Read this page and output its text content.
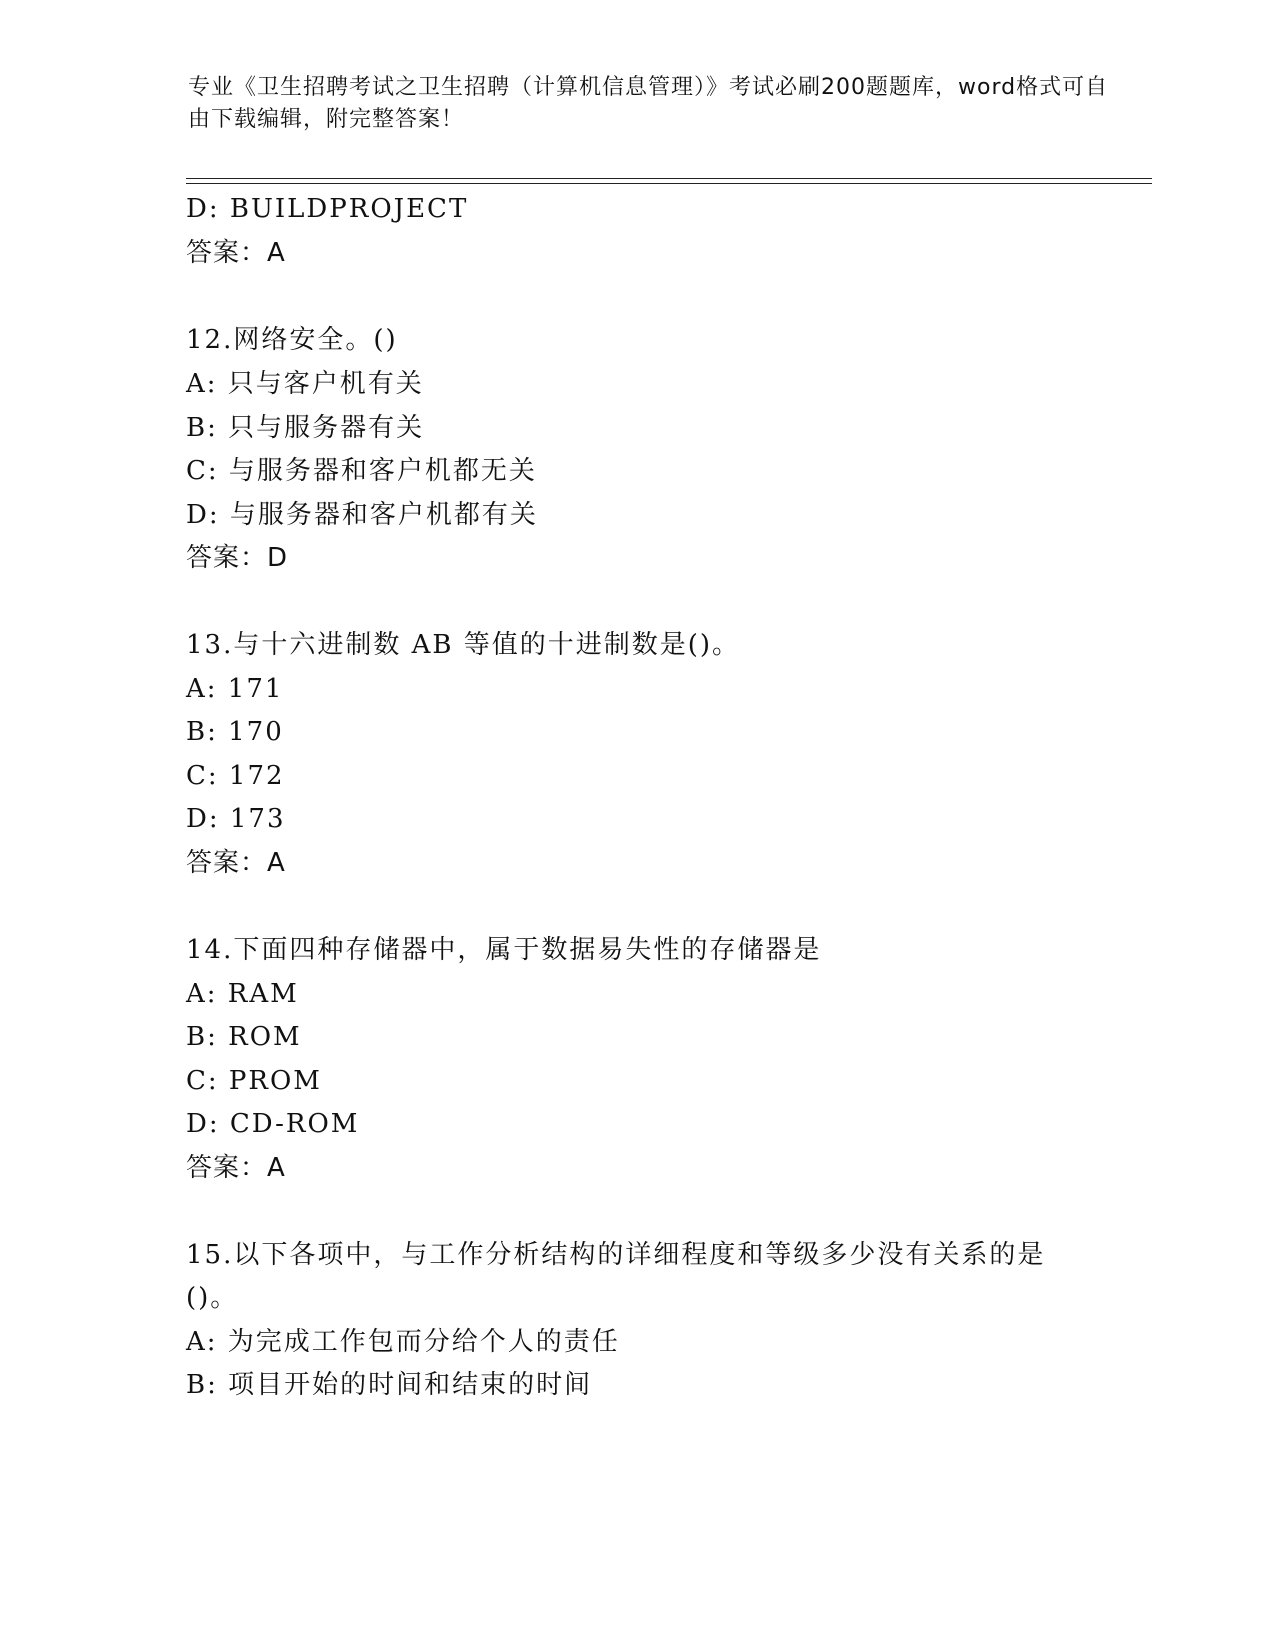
专业《卫生招聘考试之卫生招聘（计算机信息管理）》考试必刷200题题库，word格式可自由下载编辑，附完整答案！
D: BUILDPROJECT
答案：A
12.网络安全。()
A: 只与客户机有关
B: 只与服务器有关
C: 与服务器和客户机都无关
D: 与服务器和客户机都有关
答案：D
13.与十六进制数 AB 等值的十进制数是()。
A: 171
B: 170
C: 172
D: 173
答案：A
14.下面四种存储器中，属于数据易失性的存储器是
A: RAM
B: ROM
C: PROM
D: CD-ROM
答案：A
15.以下各项中，与工作分析结构的详细程度和等级多少没有关系的是
()。
A: 为完成工作包而分给个人的责任
B: 项目开始的时间和结束的时间
